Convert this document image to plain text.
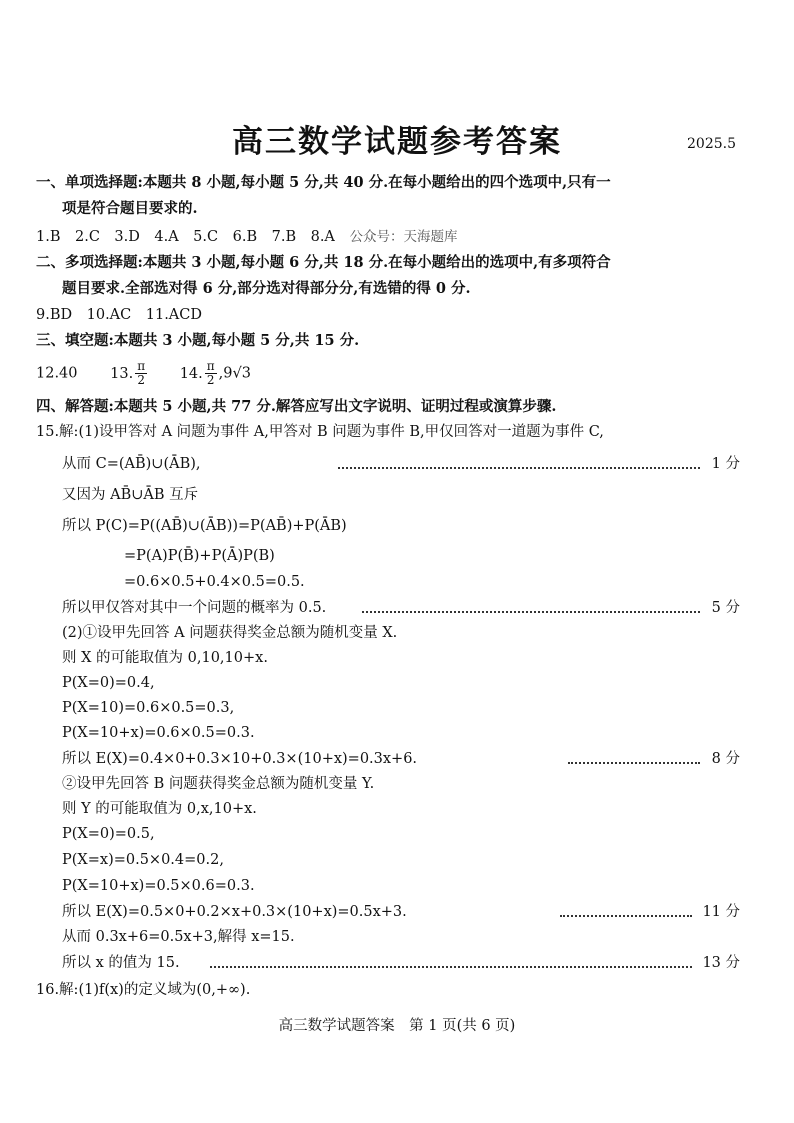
高三数学试题参考答案	2025.5
一、单项选择题:本题共 8 小题,每小题 5 分,共 40 分.在每小题给出的四个选项中,只有一
项是符合题目要求的.
1.B　2.C　3.D　4.A　5.C　6.B　7.B　8.A 公众号：天海题库
二、多项选择题:本题共 3 小题,每小题 6 分,共 18 分.在每小题给出的选项中,有多项符合
题目要求.全部选对得 6 分,部分选对得部分分,有选错的得 0 分.
9.BD　10.AC　11.ACD
三、填空题:本题共 3 小题,每小题 5 分,共 15 分.
12.40 13. $\frac{\pi}{2} 14$. $\frac{\pi}{2} ,9√3$
四、解答题:本题共 5 小题,共 77 分.解答应写出文字说明、证明过程或演算步骤.
15.解:(1)设甲答对 A 问题为事件 A,甲答对 B 问题为事件 B,甲仅回答对一道题为事件 C,
从而 C=(AB̄)∪(ĀB),	1 分
又因为 AB̄∪ĀB 互斥
所以 P(C)=P((AB̄)∪(ĀB))=P(AB̄)+P(ĀB)
=P(A)P(B̄)+P(Ā)P(B)
=0.6×0.5+0.4×0.5=0.5.
所以甲仅答对其中一个问题的概率为 0.5.	5 分
(2)①设甲先回答 A 问题获得奖金总额为随机变量 X.
则 X 的可能取值为 0,10,10+x.
P(X=0)=0.4,
P(X=10)=0.6×0.5=0.3,
P(X=10+x)=0.6×0.5=0.3.
所以 E(X)=0.4×0+0.3×10+0.3×(10+x)=0.3x+6.	8 分
②设甲先回答 B 问题获得奖金总额为随机变量 Y.
则 Y 的可能取值为 0,x,10+x.
P(X=0)=0.5,
P(X=x)=0.5×0.4=0.2,
P(X=10+x)=0.5×0.6=0.3.
所以 E(X)=0.5×0+0.2×x+0.3×(10+x)=0.5x+3.	11 分
从而 0.3x+6=0.5x+3,解得 x=15.
所以 x 的值为 15.	13 分
16.解:(1)f(x)的定义域为(0,+∞).
高三数学试题答案　第 1 页(共 6 页)
